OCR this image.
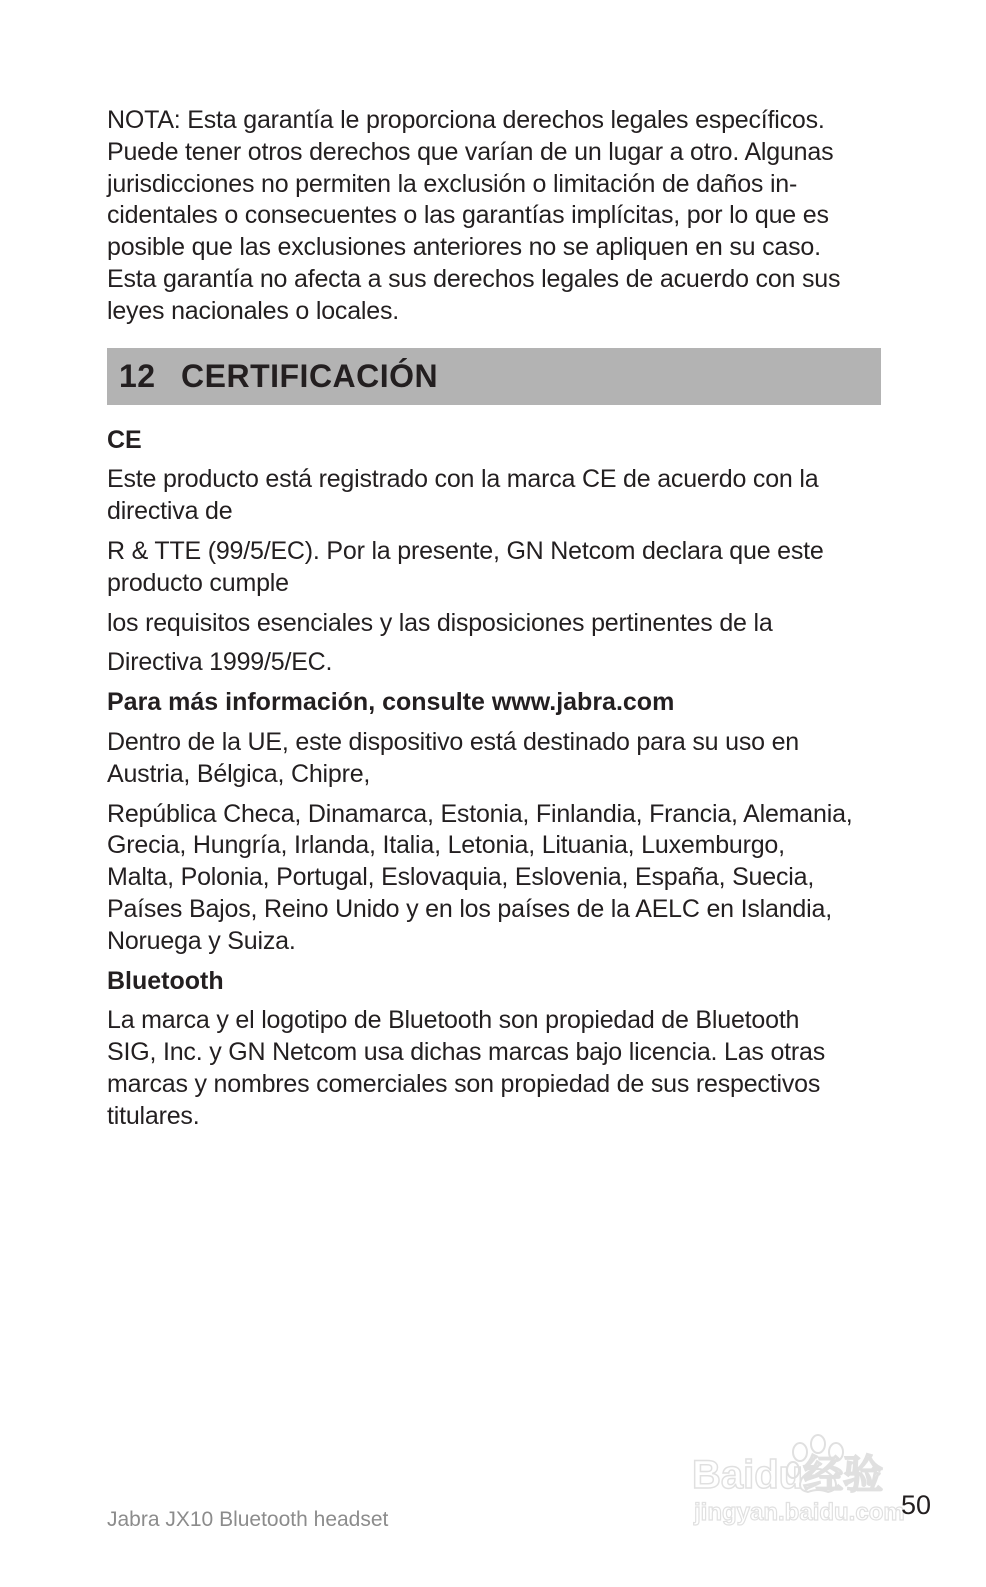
NOTA: Esta garantía le proporciona derechos legales específicos.

Puede tener otros derechos que varían de un lugar a otro. Algunas

jurisdicciones no permiten la exclusión o limitación de daños in-

cidentales o consecuentes o las garantías implícitas, por lo que es

posible que las exclusiones anteriores no se apliquen en su caso.

Esta garantía no afecta a sus derechos legales de acuerdo con sus

leyes nacionales o locales.

12 CERTIFICACIÓN

CE

Este producto está registrado con la marca CE de acuerdo con la

directiva de

R & TTE (99/5/EC). Por la presente, GN Netcom declara que este

producto cumple

los requisitos esenciales y las disposiciones pertinentes de la

Directiva 1999/5/EC.

Para más información, consulte www.jabra.com

Dentro de la UE, este dispositivo está destinado para su uso en

Austria, Bélgica, Chipre,

República Checa, Dinamarca, Estonia, Finlandia, Francia, Alemania,

Grecia, Hungría, Irlanda, Italia, Letonia, Lituania, Luxemburgo,

Malta, Polonia, Portugal, Eslovaquia, Eslovenia, España, Suecia,

Países Bajos, Reino Unido y en los países de la AELC en Islandia,

Noruega y Suiza.

Bluetooth

La marca y el logotipo de Bluetooth son propiedad de Bluetooth

SIG, Inc. y GN Netcom usa dichas marcas bajo licencia. Las otras

marcas y nombres comerciales son propiedad de sus respectivos

titulares.

Jabra JX10 Bluetooth headset
Baidu经验
jingyan.baidu.com
50
